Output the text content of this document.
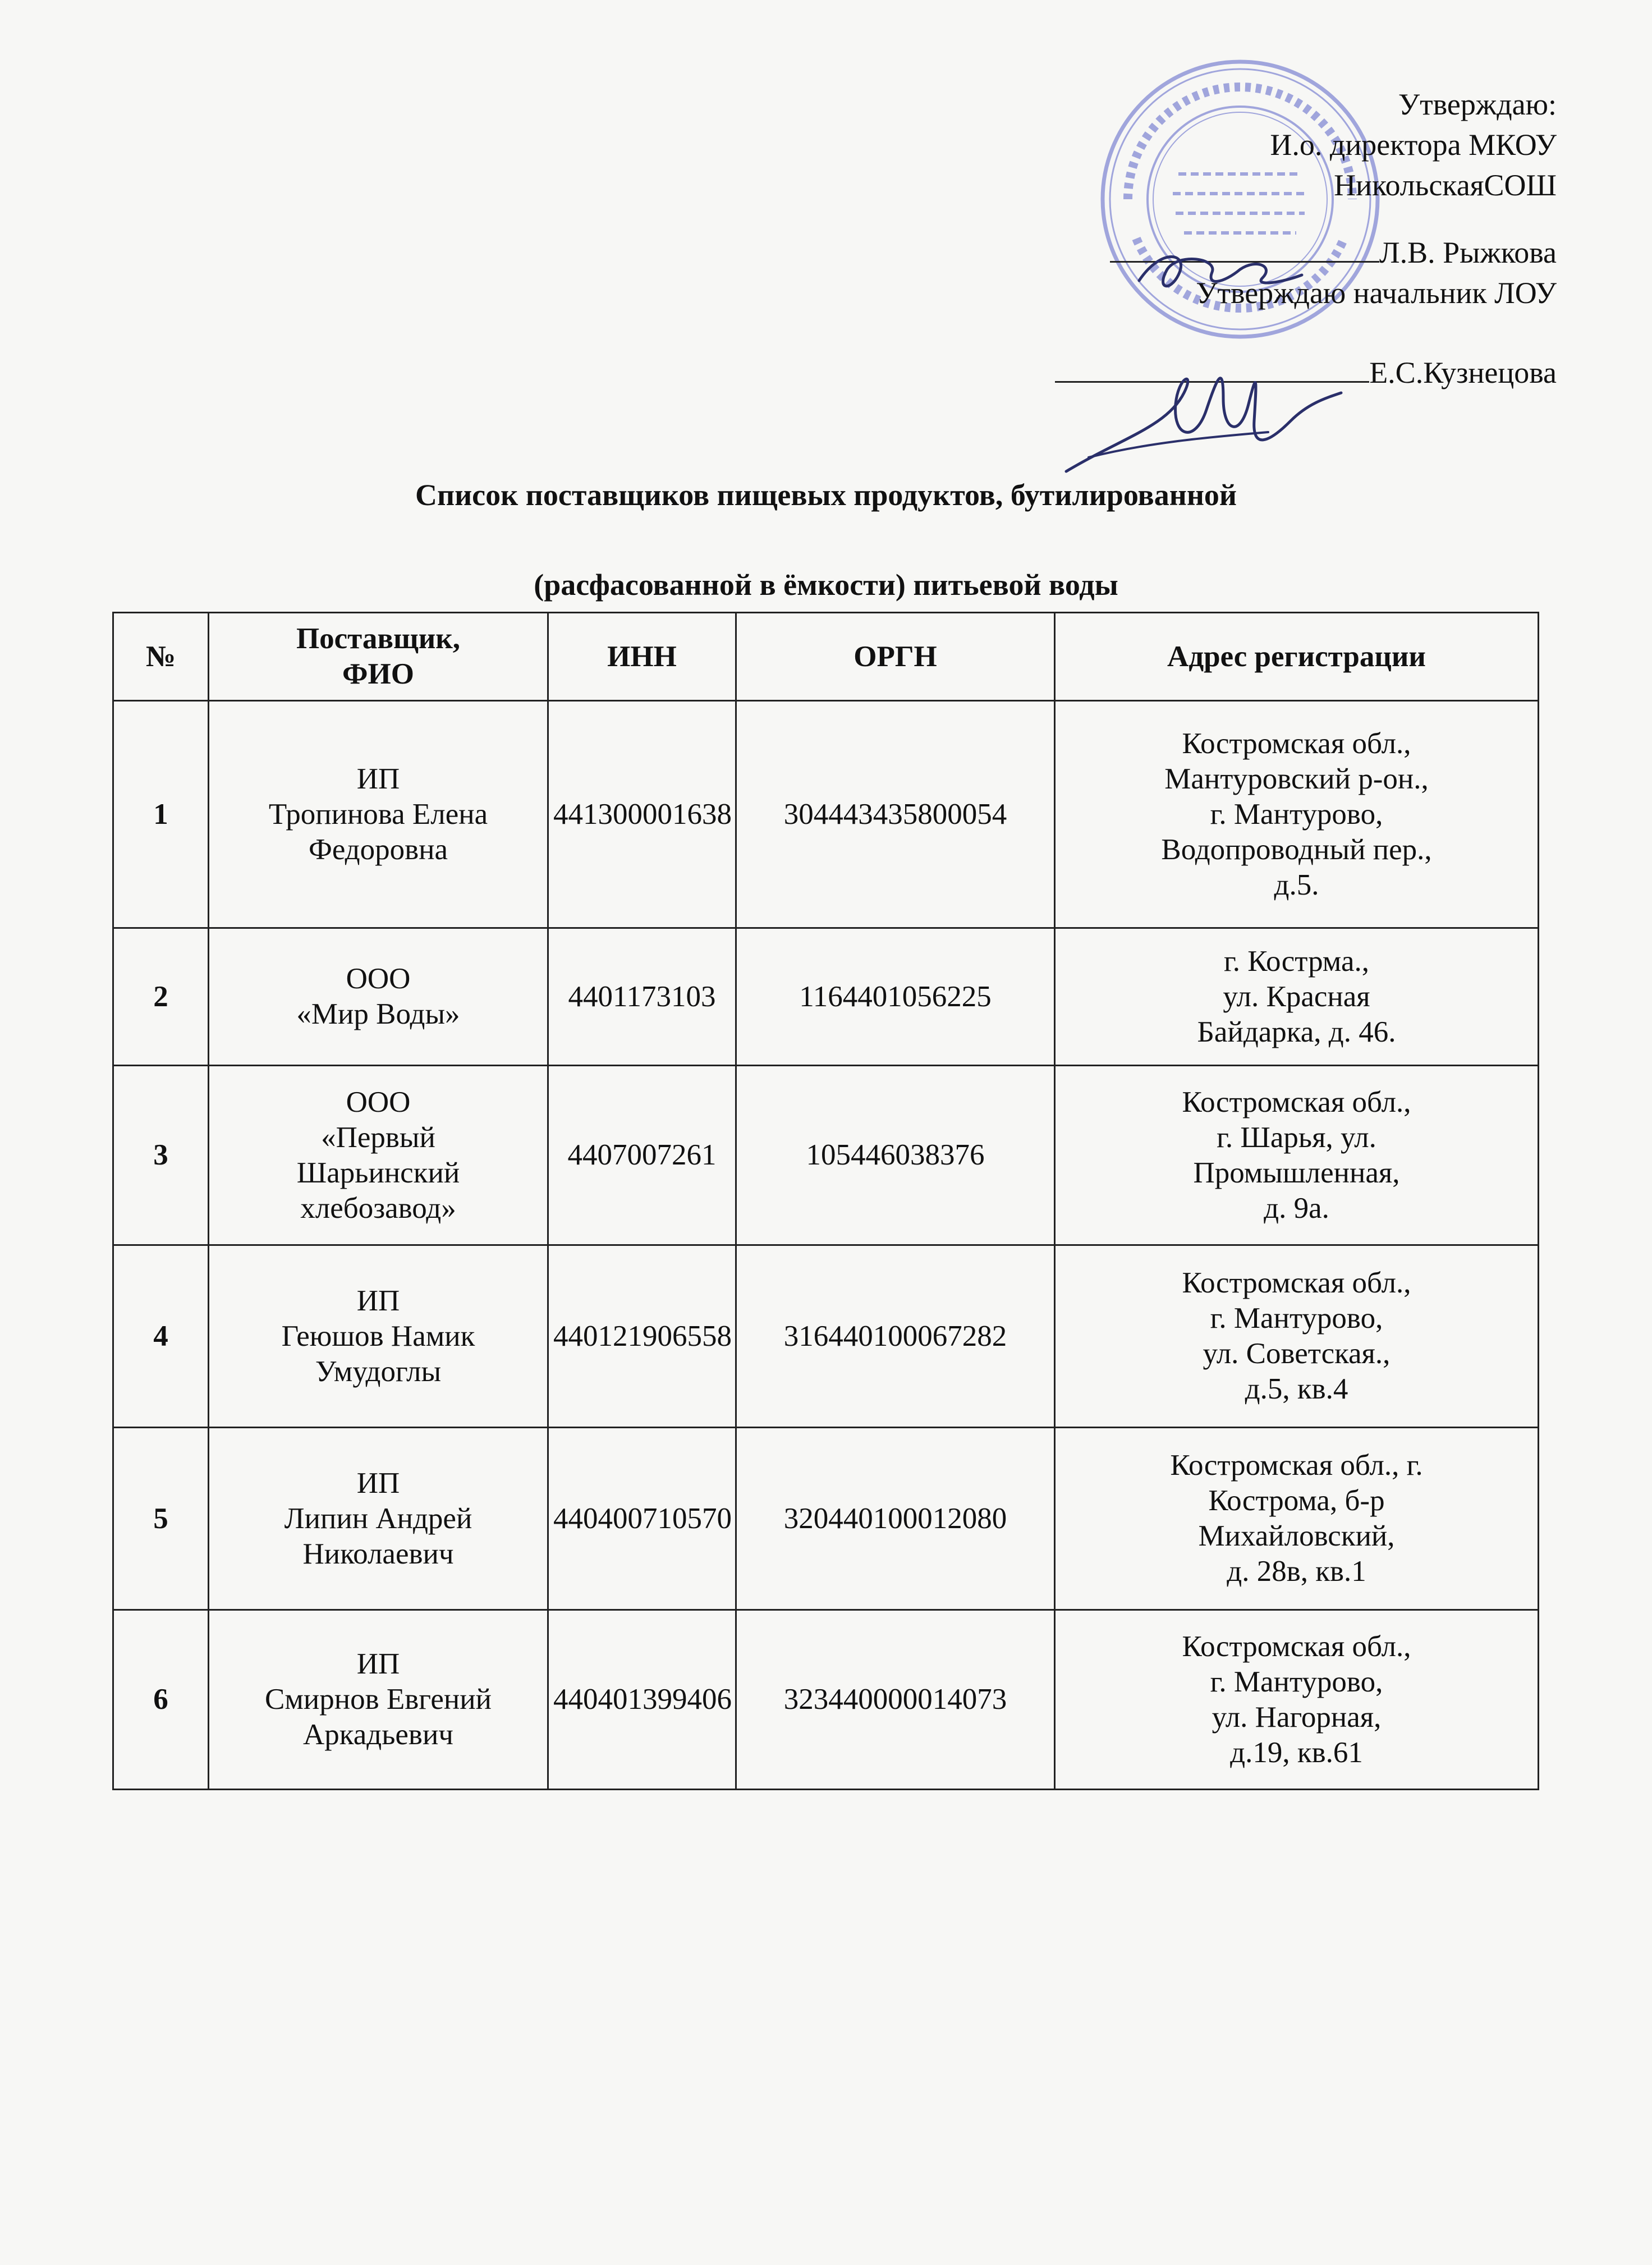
Утверждаю:
И.о. директора МКОУ
НикольскаяСОШ
Л.В. Рыжкова
Утверждаю начальник ЛОУ
Е.С.Кузнецова
Список поставщиков пищевых продуктов, бутилированной
(расфасованной в ёмкости) питьевой воды
№	Поставщик,
ФИО	ИНН	ОРГН	Адрес регистрации
1	ИП
Тропинова Елена
Федоровна	441300001638	304443435800054	Костромская обл.,
Мантуровский р-он.,
г. Мантурово,
Водопроводный пер.,
д.5.

2	ООО
«Мир Воды»	4401173103	1164401056225	г. Кострма.,
ул. Красная
Байдарка, д. 46.

3	ООО
«Первый
Шарьинский
хлебозавод»	4407007261	105446038376	Костромская обл.,
г. Шарья, ул.
Промышленная,
д. 9а.

4	ИП
Геюшов Намик
Умудоглы	440121906558	316440100067282	Костромская обл.,
г. Мантурово,
ул. Советская.,
д.5, кв.4

5	ИП
Липин Андрей
Николаевич	440400710570	320440100012080	Костромская обл., г.
Кострома, б-р
Михайловский,
д. 28в, кв.1

6	ИП
Смирнов Евгений
Аркадьевич	440401399406	323440000014073	Костромская обл.,
г. Мантурово,
ул. Нагорная,
д.19, кв.61
